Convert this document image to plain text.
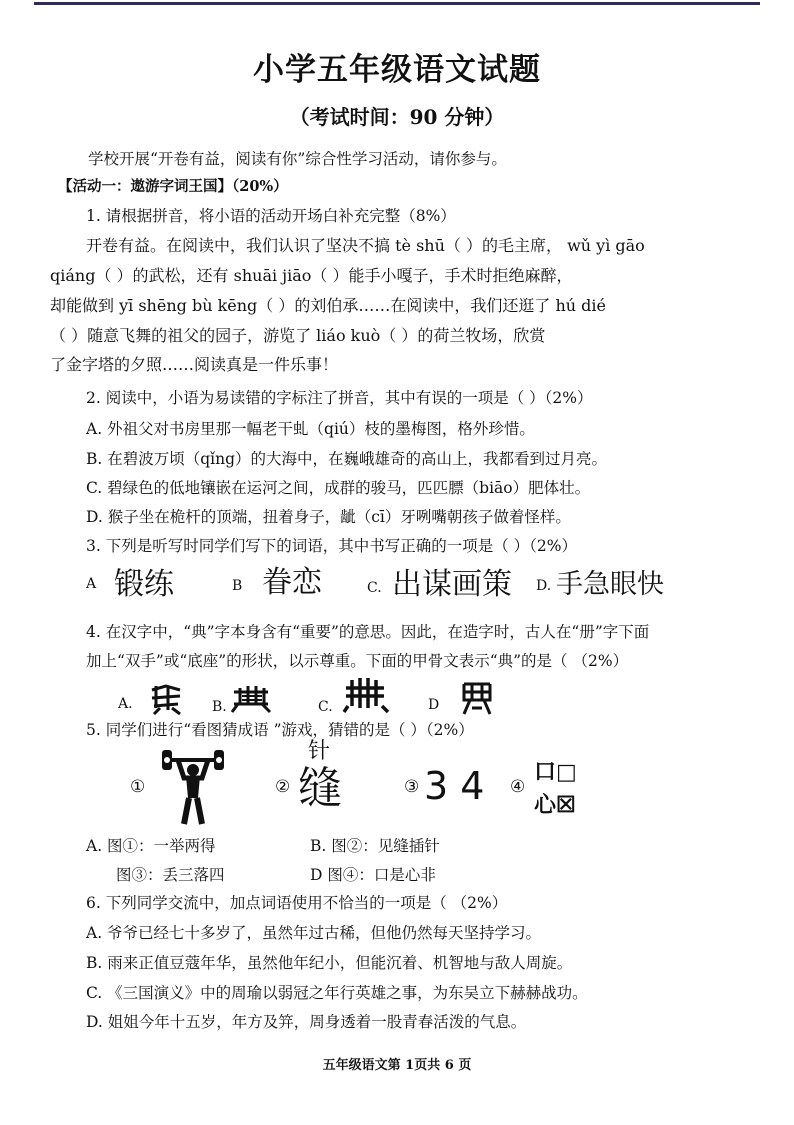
小学五年级语文试题
（考试时间：90 分钟）
学校开展“开卷有益，阅读有你”综合性学习活动，请你参与。
【活动一：遨游字词王国】（20%）
1. 请根据拼音，将小语的活动开场白补充完整（8%）
开卷有益。在阅读中，我们认识了坚决不搞 tè shū（ ）的毛主席， wǔ yì gāo
qiáng（ ）的武松，还有 shuāi jiāo（ ）能手小嘎子，手术时拒绝麻醉，
却能做到 yī shēng bù kēng（ ）的刘伯承……在阅读中，我们还逛了 hú dié
（ ）随意飞舞的祖父的园子，游览了 liáo kuò（ ）的荷兰牧场，欣赏
了金字塔的夕照……阅读真是一件乐事！
2. 阅读中，小语为易读错的字标注了拼音，其中有误的一项是（ ）（2%）
A. 外祖父对书房里那一幅老干虬（qiú）枝的墨梅图，格外珍惜。
B. 在碧波万顷（qǐng）的大海中，在巍峨雄奇的高山上，我都看到过月亮。
C. 碧绿色的低地镶嵌在运河之间，成群的骏马，匹匹膘（biāo）肥体壮。
D. 猴子坐在桅杆的顶端，扭着身子，龇（cī）牙咧嘴朝孩子做着怪样。
3. 下列是听写时同学们写下的词语，其中书写正确的一项是（ ）（2%）
A 锻练	B 眷恋	C. 出谋画策 D. 手急眼快
4. 在汉字中，“典”字本身含有“重要”的意思。因此，在造字时，古人在“册”字下面
加上“双手”或“底座”的形状，以示尊重。下面的甲骨文表示“典”的是（ （2%）
A.	B.	C.	D
5. 同学们进行“看图猜成语 ”游戏，猜错的是（ ）（2%）
①	②
针
缝	③ 3 4 ④
口□
心☒
A. 图①：一举两得	B. 图②：见缝插针
图③：丢三落四	D 图④：口是心非
6. 下列同学交流中，加点词语使用不恰当的一项是（ （2%）
A. 爷爷已经七十多岁了，虽然年过古稀，但他仍然每天坚持学习。
B. 雨来正值豆蔻年华，虽然他年纪小，但能沉着、机智地与敌人周旋。
C. 《三国演义》中的周瑜以弱冠之年行英雄之事，为东吴立下赫赫战功。
D. 姐姐今年十五岁，年方及笄，周身透着一股青春活泼的气息。
五年级语文第 1页共 6 页
